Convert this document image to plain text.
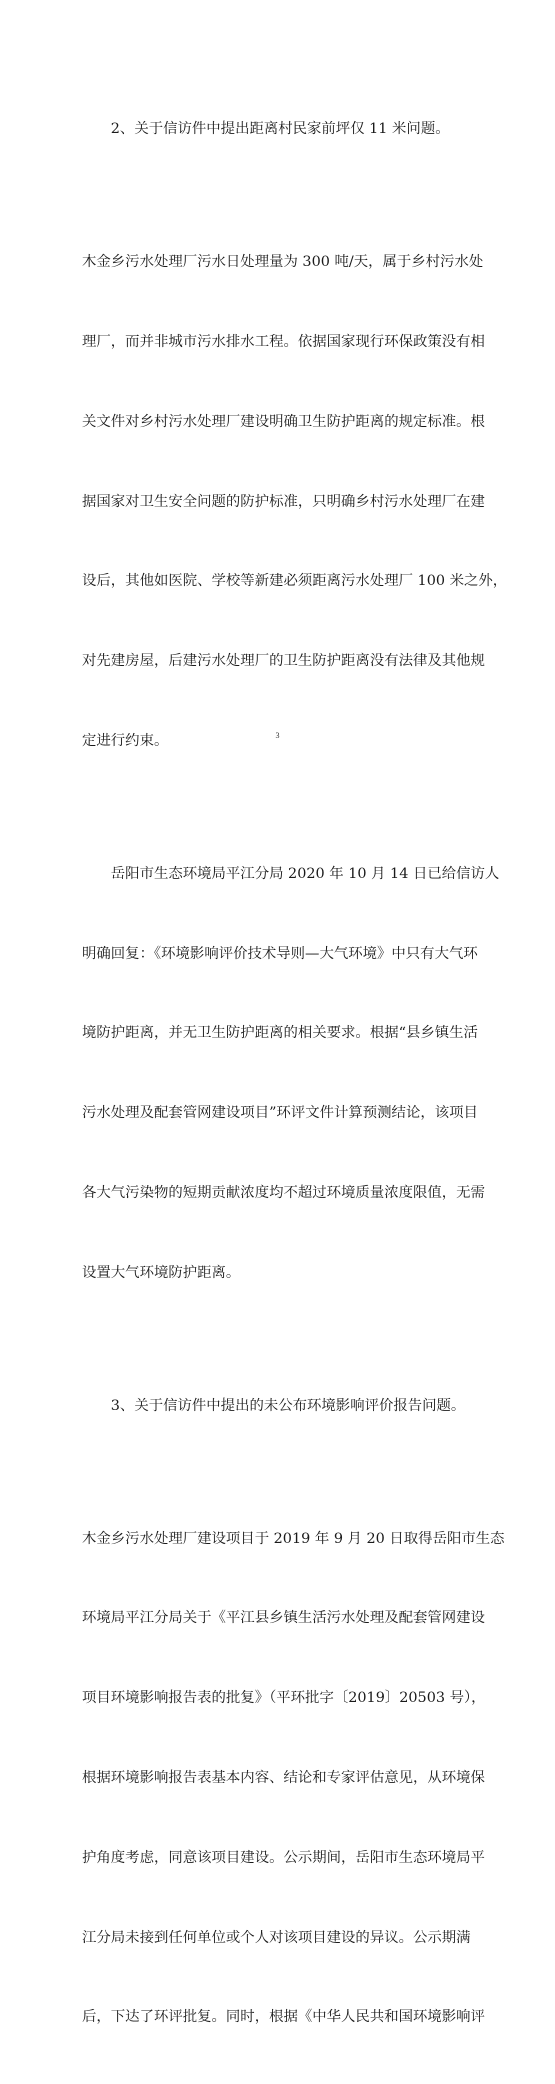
　　2、关于信访件中提出距离村民家前坪仅 11 米问题。

木金乡污水处理厂污水日处理量为 300 吨/天，属于乡村污水处

理厂，而并非城市污水排水工程。依据国家现行环保政策没有相

关文件对乡村污水处理厂建设明确卫生防护距离的规定标准。根

据国家对卫生安全问题的防护标准，只明确乡村污水处理厂在建

设后，其他如医院、学校等新建必须距离污水处理厂 100 米之外，

对先建房屋，后建污水处理厂的卫生防护距离没有法律及其他规

定进行约束。

　　岳阳市生态环境局平江分局 2020 年 10 月 14 日已给信访人

明确回复：《环境影响评价技术导则—大气环境》中只有大气环

境防护距离，并无卫生防护距离的相关要求。根据“县乡镇生活

污水处理及配套管网建设项目”环评文件计算预测结论，该项目

各大气污染物的短期贡献浓度均不超过环境质量浓度限值，无需

设置大气环境防护距离。

　　3、关于信访件中提出的未公布环境影响评价报告问题。

木金乡污水处理厂建设项目于 2019 年 9 月 20 日取得岳阳市生态

环境局平江分局关于《平江县乡镇生活污水处理及配套管网建设

项目环境影响报告表的批复》（平环批字〔2019〕20503 号），

根据环境影响报告表基本内容、结论和专家评估意见，从环境保

护角度考虑，同意该项目建设。公示期间，岳阳市生态环境局平

江分局未接到任何单位或个人对该项目建设的异议。公示期满

后，下达了环评批复。同时，根据《中华人民共和国环境影响评

3
